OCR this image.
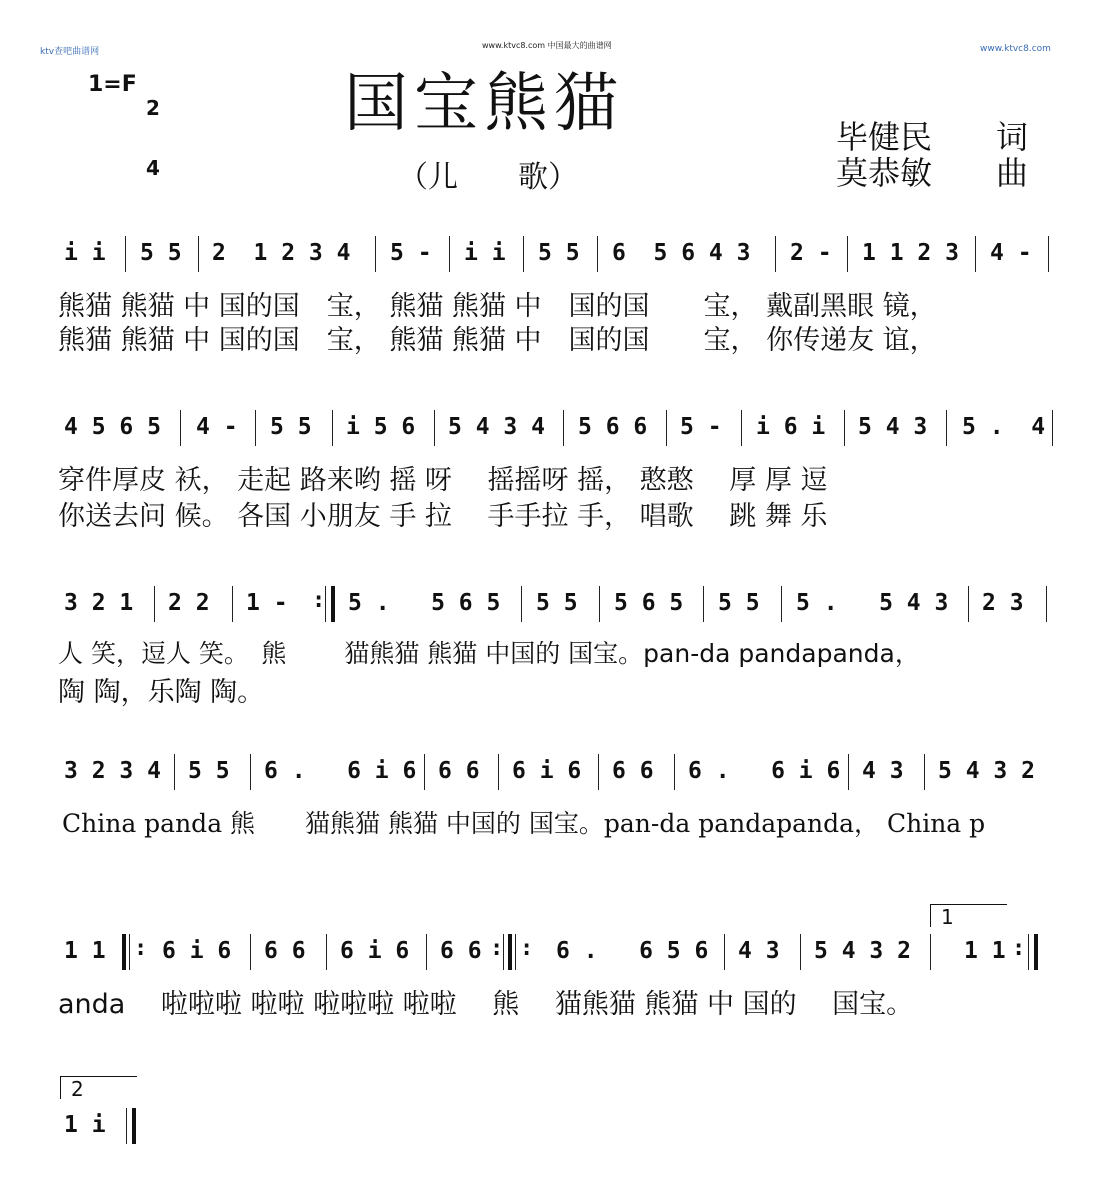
ktv查吧曲谱网
www.ktvc8.com 中国最大的曲谱网	www.ktvc8.com
1=F

2

4

国宝熊猫
（儿　　歌）
毕健民　　词
莫恭敏　　曲
i i 5 5 2  1 2 3 4 5 - i i 5 5 6  5 6 4 3 2 - 1 1 2 3 4 -
熊猫 熊猫 中 国的国　宝， 熊猫 熊猫 中　国的国　　宝， 戴副黑眼 镜，
熊猫 熊猫 中 国的国　宝， 熊猫 熊猫 中　国的国　　宝， 你传递友 谊，
4 5 6 5 4 - 5 5 i 5 6 5 4 3 4 5 6 6 5 - i 6 i 5 4 3 5 .  4
穿件厚皮 袄， 走起 路来哟 摇 呀　 摇摇呀 摇， 憨憨　 厚 厚 逗
你送去问 候。 各国 小朋友 手 拉　 手手拉 手， 唱歌　 跳 舞 乐
3 2 1 2 2 1 -	5 .   5 6 5 5 5 5 6 5 5 5 5 .   5 4 3 2 3
:
人 笑，逗人 笑。　熊　　 猫熊猫 熊猫 中国的 国宝。pan-da pandapanda，
陶 陶，乐陶 陶。
3 2 3 4 5 5 6 .   6 i 6 6 6 6 i 6 6 6 6 .   6 i 6 4 3 5 4 3 2
China panda 熊　　猫熊猫 熊猫 中国的 国宝。pan-da pandapanda， China p
1
1 1 : 6 i 6 6 6 6 i 6 6 6 : : 6 .   6 5 6 4 3 5 4 3 2 1 1 :
anda　 啦啦啦 啦啦 啦啦啦 啦啦　 熊　 猫熊猫 熊猫 中 国的　 国宝。
2
1 i
